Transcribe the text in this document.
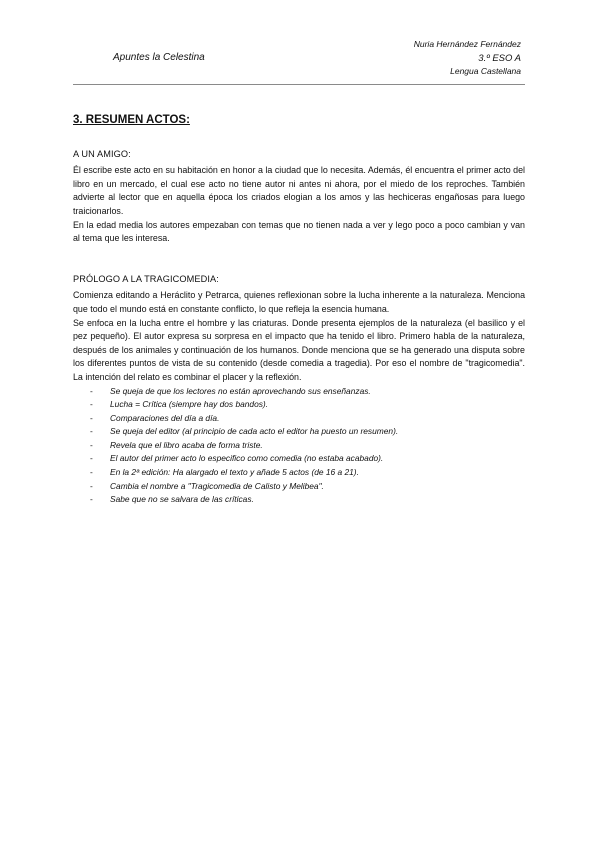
Apuntes la Celestina
Nuria Hernández Fernández
3.º ESO A
Lengua Castellana
3. RESUMEN ACTOS:
A UN AMIGO:

Él escribe este acto en su habitación en honor a la ciudad que lo necesita. Además, él encuentra el primer acto del libro en un mercado, el cual ese acto no tiene autor ni antes ni ahora, por el miedo de los reproches. También advierte al lector que en aquella época los criados elogian a los amos y las hechiceras engañosas para luego traicionarlos.

En la edad media los autores empezaban con temas que no tienen nada a ver y lego poco a poco cambian y van al tema que les interesa.

PRÓLOGO A LA TRAGICOMEDIA:

Comienza editando a Heráclito y Petrarca, quienes reflexionan sobre la lucha inherente a la naturaleza. Menciona que todo el mundo está en constante conflicto, lo que refleja la esencia humana.

Se enfoca en la lucha entre el hombre y las criaturas. Donde presenta ejemplos de la naturaleza (el basilico y el pez pequeño). El autor expresa su sorpresa en el impacto que ha tenido el libro. Primero habla de la naturaleza, después de los animales y continuación de los humanos. Donde menciona que se ha generado una disputa sobre los diferentes puntos de vista de su contenido (desde comedia a tragedia). Por eso el nombre de "tragicomedia". La intención del relato es combinar el placer y la reflexión.

- Se queja de que los lectores no están aprovechando sus enseñanzas.
- Lucha = Crítica (siempre hay dos bandos).
- Comparaciones del día a día.
- Se queja del editor (al principio de cada acto el editor ha puesto un resumen).
- Revela que el libro acaba de forma triste.
- El autor del primer acto lo especifico como comedia (no estaba acabado).
- En la 2ª edición: Ha alargado el texto y añade 5 actos (de 16 a 21).
- Cambia el nombre a "Tragicomedia de Calisto y Melibea".
- Sabe que no se salvara de las críticas.
